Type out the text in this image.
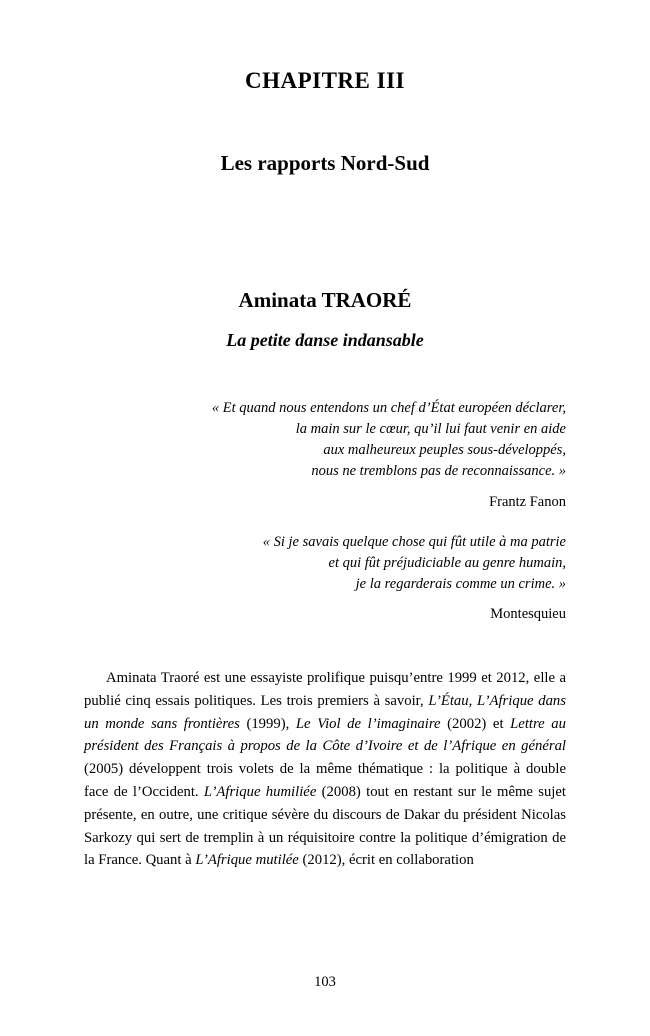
CHAPITRE III
Les rapports Nord-Sud
Aminata TRAORÉ
La petite danse indansable

« Et quand nous entendons un chef d’État européen déclarer,
la main sur le cœur, qu’il lui faut venir en aide
aux malheureux peuples sous-développés,
nous ne tremblons pas de reconnaissance. »

Frantz Fanon

« Si je savais quelque chose qui fût utile à ma patrie
et qui fût préjudiciable au genre humain,
je la regarderais comme un crime. »

Montesquieu

Aminata Traoré est une essayiste prolifique puisqu’entre 1999 et 2012, elle a publié cinq essais politiques. Les trois premiers à savoir, L’Étau, L’Afrique dans un monde sans frontières (1999), Le Viol de l’imaginaire (2002) et Lettre au président des Français à propos de la Côte d’Ivoire et de l’Afrique en général (2005) développent trois volets de la même thématique : la politique à double face de l’Occident. L’Afrique humiliée (2008) tout en restant sur le même sujet présente, en outre, une critique sévère du discours de Dakar du président Nicolas Sarkozy qui sert de tremplin à un réquisitoire contre la politique d’émigration de la France. Quant à L’Afrique mutilée (2012), écrit en collaboration

103
